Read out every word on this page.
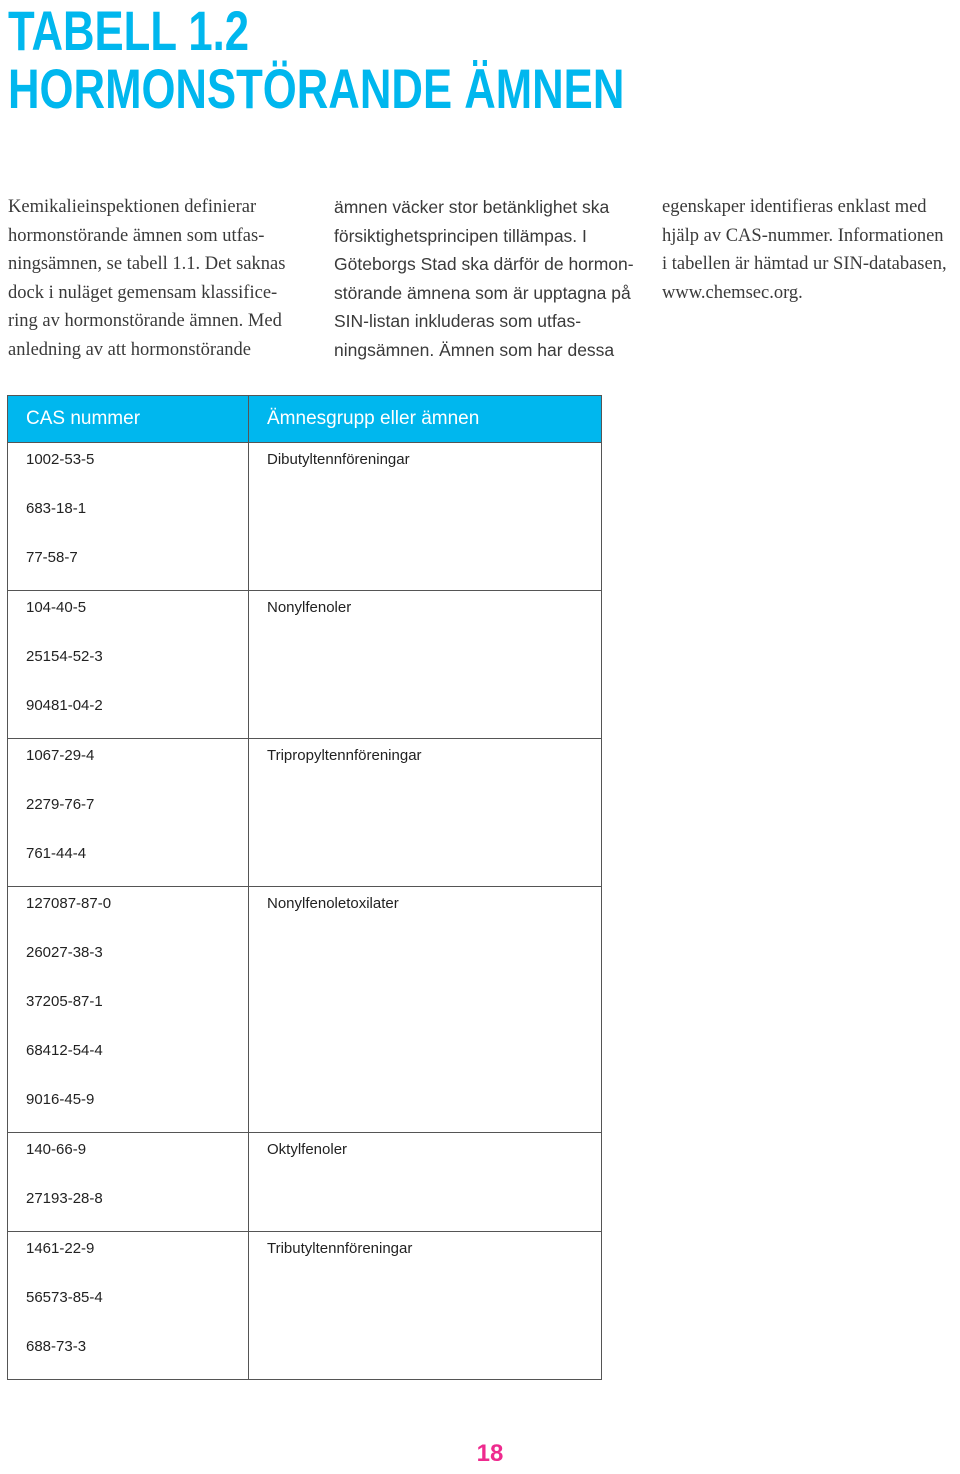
TABELL 1.2
HORMONSTÖRANDE ÄMNEN
Kemikalieinspektionen definierar
hormonstörande ämnen som utfas-
ningsämnen, se tabell 1.1. Det saknas
dock i nuläget gemensam klassifice-
ring av hormonstörande ämnen. Med
anledning av att hormonstörande
ämnen väcker stor betänklighet ska
försiktighetsprincipen tillämpas. I
Göteborgs Stad ska därför de hormon-
störande ämnena som är upptagna på
SIN-listan inkluderas som utfas-
ningsämnen. Ämnen som har dessa
egenskaper identifieras enklast med
hjälp av CAS-nummer. Informationen
i tabellen är hämtad ur SIN-databasen,
www.chemsec.org.
CAS nummer	Ämnesgrupp eller ämnen

1002-53-5
683-18-1
77-58-7	Dibutyltennföreningar

104-40-5
25154-52-3
90481-04-2	Nonylfenoler

1067-29-4
2279-76-7
761-44-4	Tripropyltennföreningar

127087-87-0
26027-38-3
37205-87-1
68412-54-4
9016-45-9	Nonylfenoletoxilater

140-66-9
27193-28-8	Oktylfenoler

1461-22-9
56573-85-4
688-73-3	Tributyltennföreningar
18
